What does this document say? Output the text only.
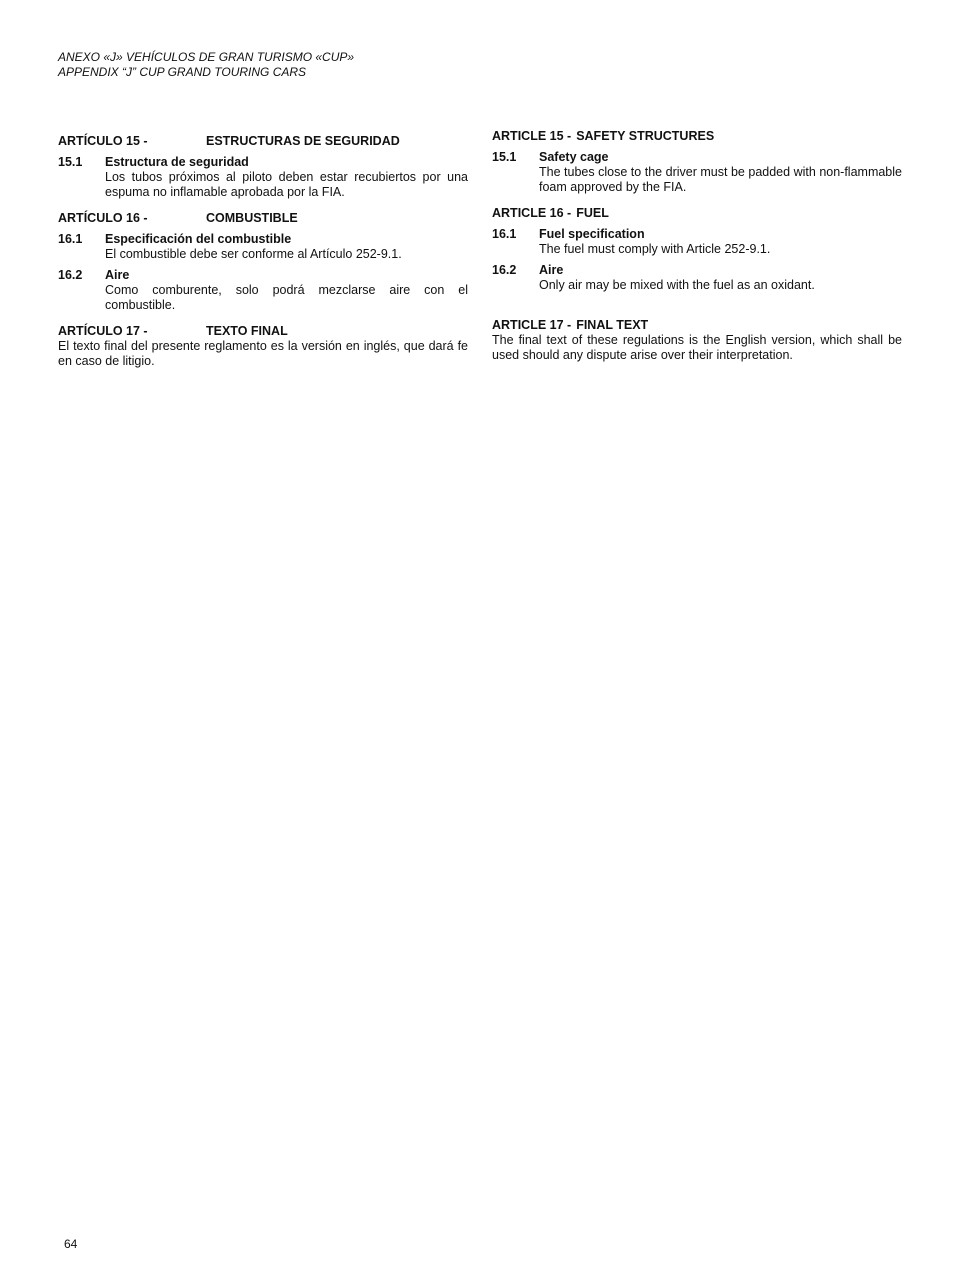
ANEXO «J» VEHÍCULOS DE GRAN TURISMO «CUP»
APPENDIX “J” CUP GRAND TOURING CARS
ARTÍCULO 15 -	ESTRUCTURAS DE SEGURIDAD
15.1	Estructura de seguridad
Los tubos próximos al piloto deben estar recubiertos por una espuma no inflamable aprobada por la FIA.
ARTÍCULO 16 -	COMBUSTIBLE
16.1	Especificación del combustible
El combustible debe ser conforme al Artículo 252-9.1.
16.2	Aire
Como comburente, solo podrá mezclarse aire con el combustible.
ARTÍCULO 17 -	TEXTO FINAL
El texto final del presente reglamento es la versión en inglés, que dará fe en caso de litigio.
ARTICLE 15 - SAFETY STRUCTURES
15.1	Safety cage
The tubes close to the driver must be padded with non-flammable foam approved by the FIA.
ARTICLE 16 - FUEL
16.1	Fuel specification
The fuel must comply with Article 252-9.1.
16.2	Aire
Only air may be mixed with the fuel as an oxidant.
ARTICLE 17 - FINAL TEXT
The final text of these regulations is the English version, which shall be used should any dispute arise over their interpretation.
64
